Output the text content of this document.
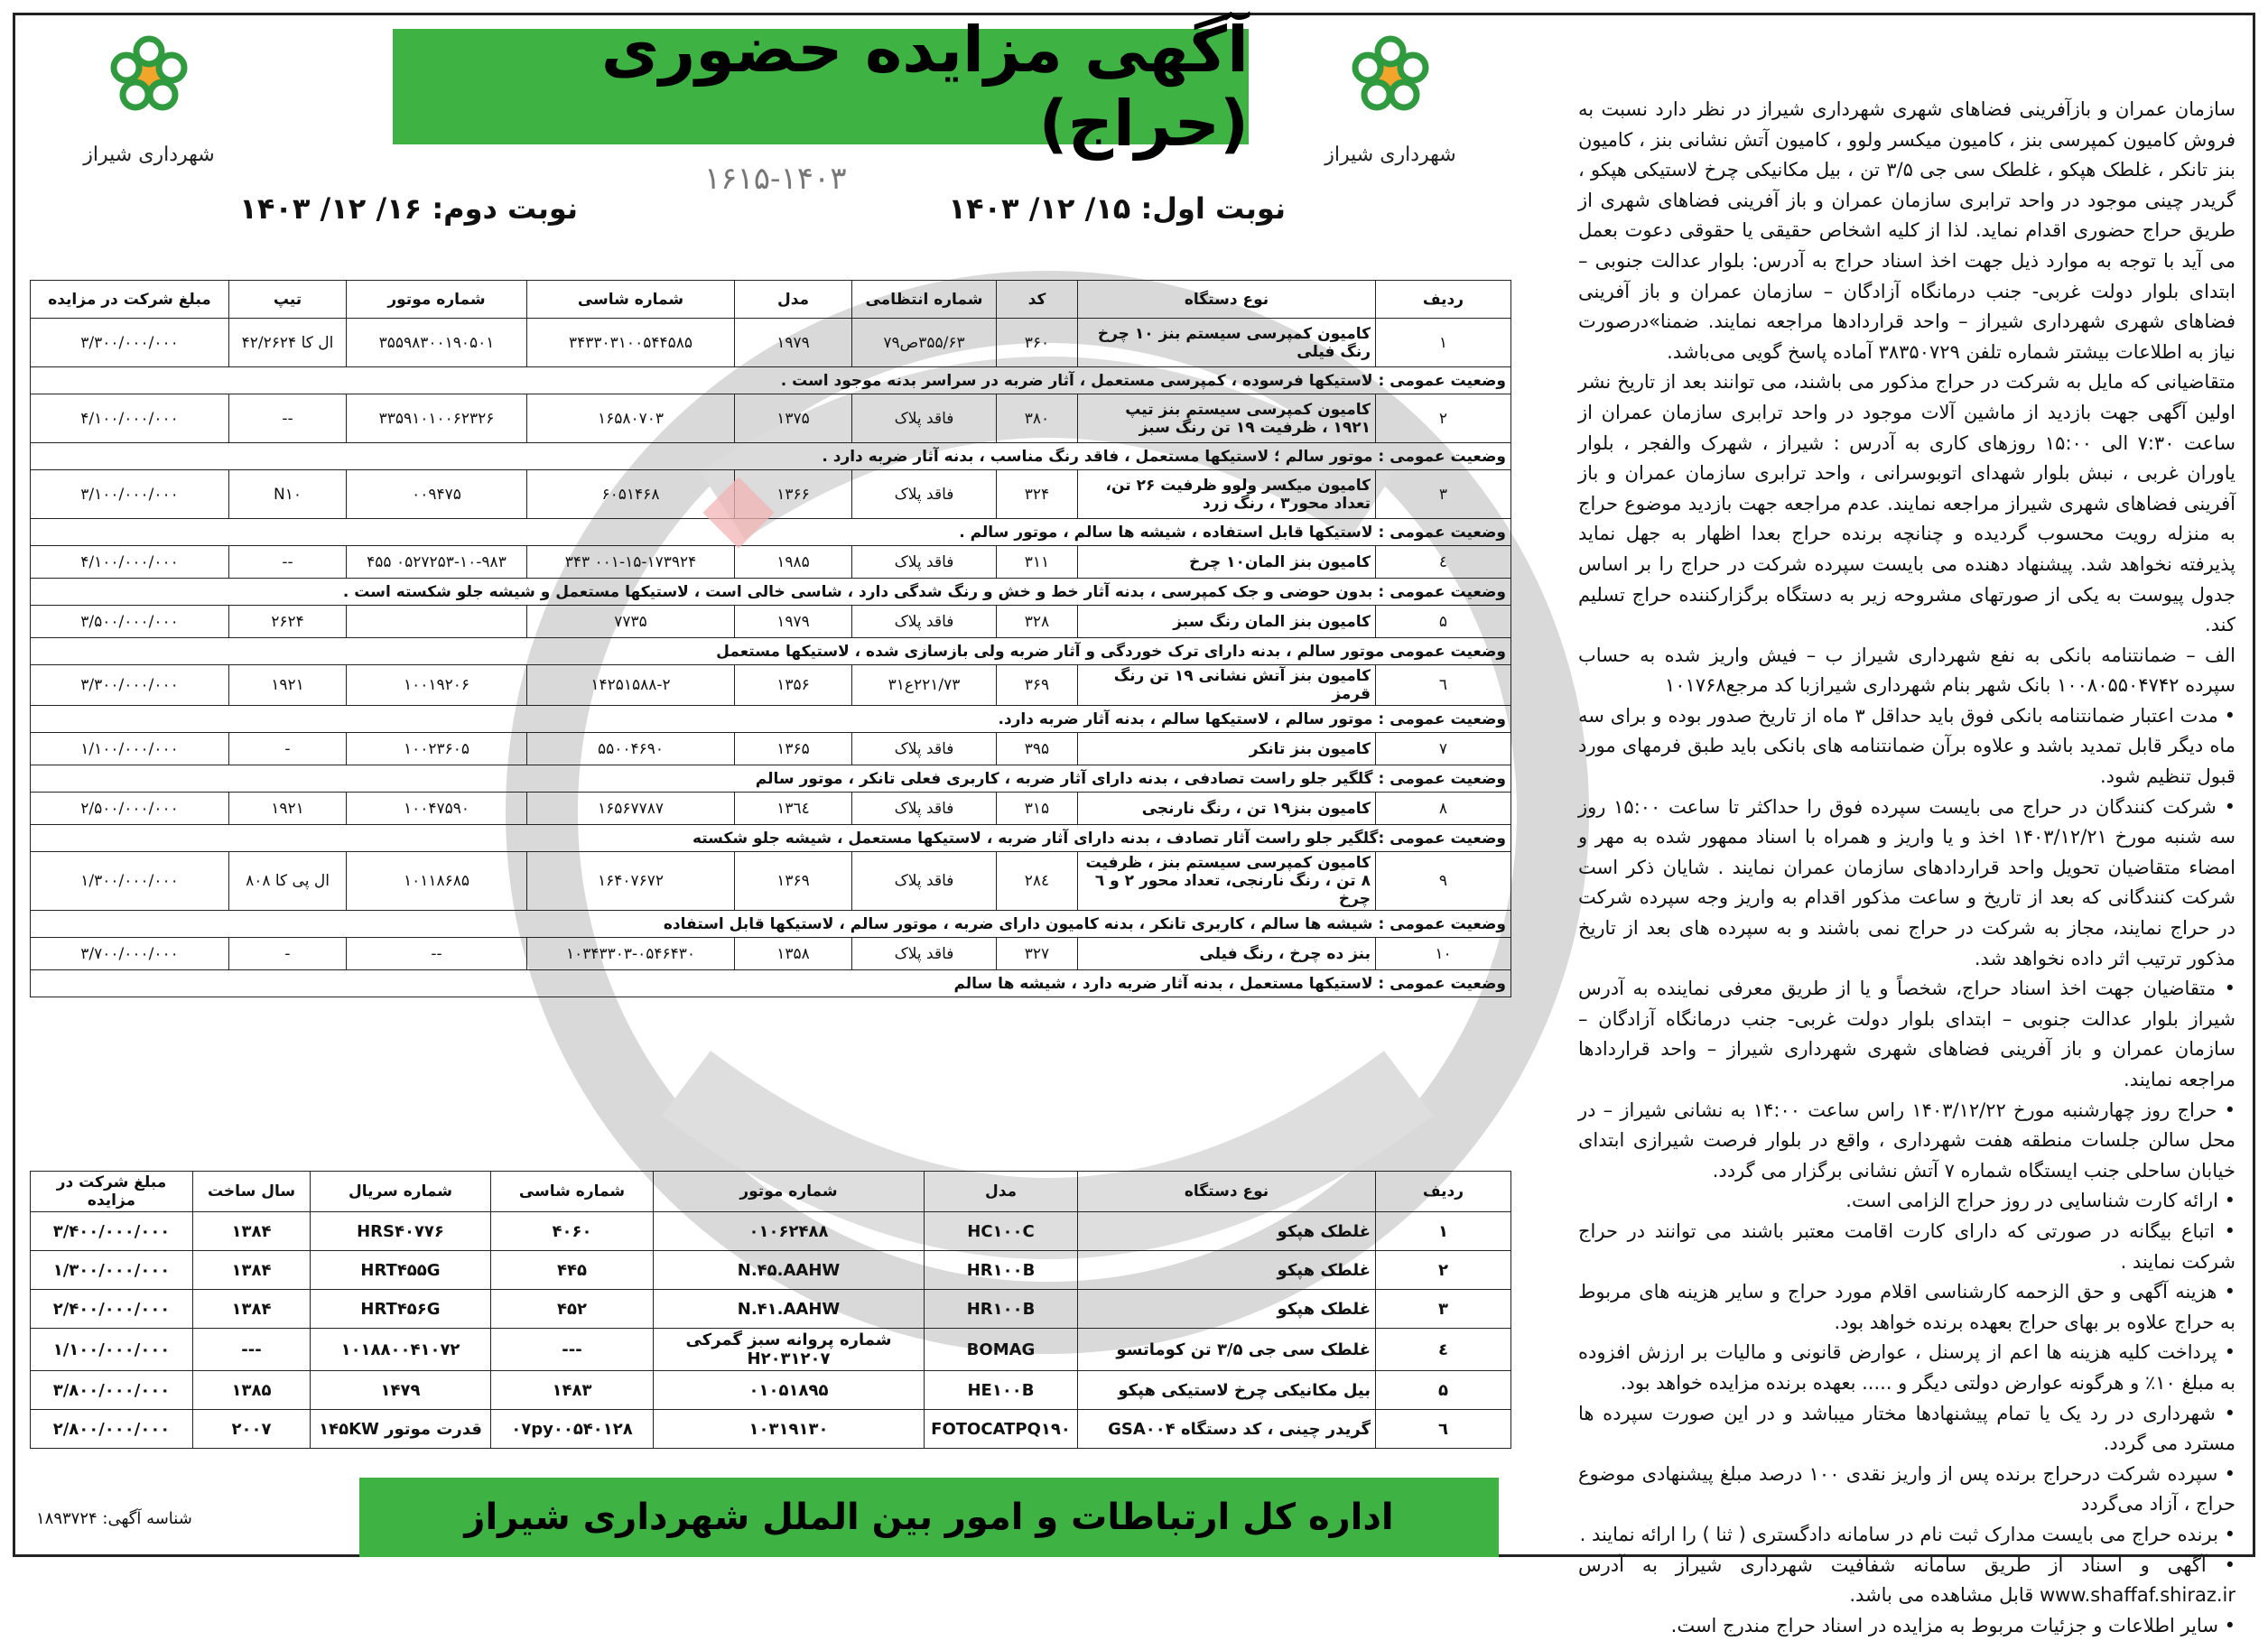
شهرداری شیراز	شهرداری شیراز
آگهی مزایده حضوری (حراج)
۱۶۱۵-۱۴۰۳
نوبت اول: ۱۵/ ۱۲/ ۱۴۰۳
نوبت دوم: ۱۶/ ۱۲/ ۱۴۰۳

سازمان عمران و بازآفرینی فضاهای شهری شهرداری شیراز در نظر دارد نسبت به فروش کامیون کمپرسی بنز ، کامیون میکسر ولوو ، کامیون آتش نشانی بنز ، کامیون بنز تانکر ، غلطک هپکو ، غلطک سی جی ۳/۵ تن ، بیل مکانیکی چرخ لاستیکی هپکو ، گریدر چینی موجود در واحد ترابری سازمان عمران و باز آفرینی فضاهای شهری از طریق حراج حضوری اقدام نماید. لذا از کلیه اشخاص حقیقی یا حقوقی دعوت بعمل می آید با توجه به موارد ذیل جهت اخذ اسناد حراج به آدرس: بلوار عدالت جنوبی – ابتدای بلوار دولت غربی- جنب درمانگاه آزادگان – سازمان عمران و باز آفرینی فضاهای شهری شهرداری شیراز – واحد قراردادها مراجعه نمایند. ضمنا»درصورت نیاز به اطلاعات بیشتر شماره تلفن ۳۸۳۵۰۷۲۹ آماده پاسخ گویی می‌باشد.

متقاضیانی که مایل به شرکت در حراج مذکور می باشند، می توانند بعد از تاریخ نشر اولین آگهی جهت بازدید از ماشین آلات موجود در واحد ترابری سازمان عمران از ساعت ۷:۳۰ الی ۱۵:۰۰ روزهای کاری به آدرس : شیراز ، شهرک والفجر ، بلوار یاوران غربی ، نبش بلوار شهدای اتوبوسرانی ، واحد ترابری سازمان عمران و باز آفرینی فضاهای شهری شیراز مراجعه نمایند. عدم مراجعه جهت بازدید موضوع حراج به منزله رویت محسوب گردیده و چنانچه برنده حراج بعدا اظهار به جهل نماید پذیرفته نخواهد شد. پیشنهاد دهنده می بایست سپرده شرکت در حراج را بر اساس جدول پیوست به یکی از صورتهای مشروحه زیر به دستگاه برگزارکننده حراج تسلیم کند.

الف – ضمانتنامه بانکی به نفع شهرداری شیراز ب – فیش واریز شده به حساب سپرده ۱۰۰۸۰۵۵۰۴۷۴۲ بانک شهر بنام شهرداری شیرازبا کد مرجع۱۰۱۷۶۸

• مدت اعتبار ضمانتنامه بانکی فوق باید حداقل ۳ ماه از تاریخ صدور بوده و برای سه ماه دیگر قابل تمدید باشد و علاوه برآن ضمانتنامه های بانکی باید طبق فرمهای مورد قبول تنظیم شود.

• شرکت کنندگان در حراج می بایست سپرده فوق را حداکثر تا ساعت ۱۵:۰۰ روز سه شنبه مورخ ۱۴۰۳/۱۲/۲۱ اخذ و یا واریز و همراه با اسناد ممهور شده به مهر و امضاء متقاضیان تحویل واحد قراردادهای سازمان عمران نمایند . شایان ذکر است شرکت کنندگانی که بعد از تاریخ و ساعت مذکور اقدام به واریز وجه سپرده شرکت در حراج نمایند، مجاز به شرکت در حراج نمی باشند و به سپرده های بعد از تاریخ مذکور ترتیب اثر داده نخواهد شد.

• متقاضیان جهت اخذ اسناد حراج، شخصاً و یا از طریق معرفی نماینده به آدرس شیراز بلوار عدالت جنوبی – ابتدای بلوار دولت غربی- جنب درمانگاه آزادگان – سازمان عمران و باز آفرینی فضاهای شهری شهرداری شیراز – واحد قراردادها مراجعه نمایند.

• حراج روز چهارشنبه مورخ ۱۴۰۳/۱۲/۲۲ راس ساعت ۱۴:۰۰ به نشانی شیراز – در محل سالن جلسات منطقه هفت شهرداری ، واقع در بلوار فرصت شیرازی ابتدای خیابان ساحلی جنب ایستگاه شماره ۷ آتش نشانی برگزار می گردد.

• ارائه کارت شناسایی در روز حراج الزامی است.

• اتباع بیگانه در صورتی که دارای کارت اقامت معتبر باشند می توانند در حراج شرکت نمایند .

• هزینه آگهی و حق الزحمه کارشناسی اقلام مورد حراج و سایر هزینه های مربوط به حراج علاوه بر بهای حراج بعهده برنده خواهد بود.

• پرداخت کلیه هزینه ها اعم از پرسنل ، عوارض قانونی و مالیات بر ارزش افزوده به مبلغ ۱۰٪ و هرگونه عوارض دولتی دیگر و ..... بعهده برنده مزایده خواهد بود.

• شهرداری در رد یک یا تمام پیشنهادها مختار میباشد و در این صورت سپرده ها مسترد می گردد.

• سپرده شرکت درحراج برنده پس از واریز نقدی ۱۰۰ درصد مبلغ پیشنهادی موضوع حراج ، آزاد می‌گردد

• برنده حراج می بایست مدارک ثبت نام در سامانه دادگستری ( ثنا ) را ارائه نمایند .

• آگهی و اسناد از طریق سامانه شفافیت شهرداری شیراز به آدرس www.shaffaf.shiraz.ir قابل مشاهده می باشد.

• سایر اطلاعات و جزئیات مربوط به مزایده در اسناد حراج مندرج است.

ردیف	نوع دستگاه	کد	شماره انتظامی	مدل	شماره شاسی	شماره موتور	تیپ	مبلغ شرکت در مزایده
۱	کامیون کمپرسی سیستم بنز ۱۰ چرخ رنگ فیلی	۳۶۰	۳۵۵/۶۳ص۷۹	۱۹۷۹	۳۴۳۳۰۳۱۰۰۵۴۴۵۸۵	۳۵۵۹۸۳۰۰۱۹۰۵۰۱	ال کا ۴۲/۲۶۲۴	۳/۳۰۰/۰۰۰/۰۰۰
وضعیت عمومی : لاستیکها فرسوده ، کمپرسی مستعمل ، آثار ضربه در سراسر بدنه موجود است .								
۲	کامیون کمپرسی سیستم بنز تیپ ۱۹۲۱ ، ظرفیت ۱۹ تن رنگ سبز	۳۸۰	فاقد پلاک	۱۳۷۵	۱۶۵۸۰۷۰۳	۳۳۵۹۱۰۱۰۰۶۲۳۲۶	--	۴/۱۰۰/۰۰۰/۰۰۰
وضعیت عمومی : موتور سالم ؛ لاستیکها مستعمل ، فاقد رنگ مناسب ، بدنه آثار ضربه دارد .								
۳	کامیون میکسر ولوو ظرفیت ۲۶ تن، تعداد محور۳ ، رنگ زرد	۳۲۴	فاقد پلاک	۱۳۶۶	۶۰۵۱۴۶۸	۰۰۹۴۷۵	N۱۰	۳/۱۰۰/۰۰۰/۰۰۰
وضعیت عمومی : لاستیکها قابل استفاده ، شیشه ها سالم ، موتور سالم .								
٤	کامیون بنز المان۱۰ چرخ	۳۱۱	فاقد پلاک	۱۹۸۵	۰۰۱-۱۵-۱۷۳۹۲۴ ۳۴۳	۰۵۲۷۲۵۳-۱۰-۹۸۳ ۴۵۵	--	۴/۱۰۰/۰۰۰/۰۰۰
وضعیت عمومی : بدون حوضی و جک کمپرسی ، بدنه آثار خط و خش و رنگ شدگی دارد ، شاسی خالی است ، لاستیکها مستعمل و شیشه جلو شکسته است .								
۵	کامیون بنز المان رنگ سبز	۳۲۸	فاقد پلاک	۱۹۷۹	۷۷۳۵		۲۶۲۴	۳/۵۰۰/۰۰۰/۰۰۰
وضعیت عمومی موتور سالم ، بدنه دارای ترک خوردگی و آثار ضربه ولی بازسازی شده ، لاستیکها مستعمل								
٦	کامیون بنز آتش نشانی ۱۹ تن رنگ قرمز	۳۶۹	۲۲۱/۷۳ع۳۱	۱۳۵۶	۱۴۲۵۱۵۸۸-۲	۱۰۰۱۹۲۰۶	۱۹۲۱	۳/۳۰۰/۰۰۰/۰۰۰
وضعیت عمومی : موتور سالم ، لاستیکها سالم ، بدنه آثار ضربه دارد.								
۷	کامیون بنز تانکر	۳۹۵	فاقد پلاک	۱۳۶۵	۵۵۰۰۴۶۹۰	۱۰۰۲۳۶۰۵	-	۱/۱۰۰/۰۰۰/۰۰۰
وضعیت عمومی : گلگیر جلو راست تصادفی ، بدنه دارای آثار ضربه ، کاربری فعلی تانکر ، موتور سالم								
۸	کامیون بنز۱۹ تن ، رنگ نارنجی	۳۱۵	فاقد پلاک	۱۳٦٤	۱۶۵۶۷۷۸۷	۱۰۰۴۷۵۹۰	۱۹۲۱	۲/۵۰۰/۰۰۰/۰۰۰
وضعیت عمومی :گلگیر جلو راست آثار تصادف ، بدنه دارای آثار ضربه ، لاستیکها مستعمل ، شیشه جلو شکسته								
۹	کامیون کمپرسی سیستم بنز ، ظرفیت ۸ تن ، رنگ نارنجی، تعداد محور ۲ و ٦ چرخ	۲۸٤	فاقد پلاک	۱۳۶۹	۱۶۴۰۷۶۷۲	۱۰۱۱۸۶۸۵	ال پی کا ۸۰۸	۱/۳۰۰/۰۰۰/۰۰۰
وضعیت عمومی : شیشه ها سالم ، کاربری تانکر ، بدنه کامیون دارای ضربه ، موتور سالم ، لاستیکها قابل استفاده								
۱۰	بنز ده چرخ ، رنگ فیلی	۳۲۷	فاقد پلاک	۱۳۵۸	۱۰۳۴۳۳۰۳-۰۵۴۶۴۳۰	--	-	۳/۷۰۰/۰۰۰/۰۰۰
وضعیت عمومی : لاستیکها مستعمل ، بدنه آثار ضربه دارد ، شیشه ها سالم								
ردیف	نوع دستگاه	مدل	شماره موتور	شماره شاسی	شماره سریال	سال ساخت	مبلغ شرکت در مزایده
۱	غلطک هپکو	HC۱۰۰C	۰۱۰۶۲۴۸۸	۴۰۶۰	HRS۴۰۷۷۶	۱۳۸۴	۳/۴۰۰/۰۰۰/۰۰۰
۲	غلطک هپکو	HR۱۰۰B	N.۴۵.AAHW	۴۴۵	HRT۴۵۵G	۱۳۸۴	۱/۳۰۰/۰۰۰/۰۰۰
۳	غلطک هپکو	HR۱۰۰B	N.۴۱.AAHW	۴۵۲	HRT۴۵۶G	۱۳۸۴	۲/۴۰۰/۰۰۰/۰۰۰
٤	غلطک سی جی ۳/۵ تن کوماتسو	BOMAG	شماره پروانه سبز گمرکی H۲۰۳۱۲۰۷	---	۱۰۱۸۸۰۰۴۱۰۷۲	---	۱/۱۰۰/۰۰۰/۰۰۰
۵	بیل مکانیکی چرخ لاستیکی هپکو	HE۱۰۰B	۰۱۰۵۱۸۹۵	۱۴۸۳	۱۴۷۹	۱۳۸۵	۳/۸۰۰/۰۰۰/۰۰۰
٦	گریدر چینی ، کد دستگاه GSA۰۰۴	FOTOCATPQ۱۹۰	۱۰۳۱۹۱۳۰	۰۷py۰۰۵۴۰۱۲۸	قدرت موتور ۱۴۵KW	۲۰۰۷	۲/۸۰۰/۰۰۰/۰۰۰
اداره کل ارتباطات و امور بین الملل شهرداری شیراز
شناسه آگهی: ۱۸۹۳۷۲۴
